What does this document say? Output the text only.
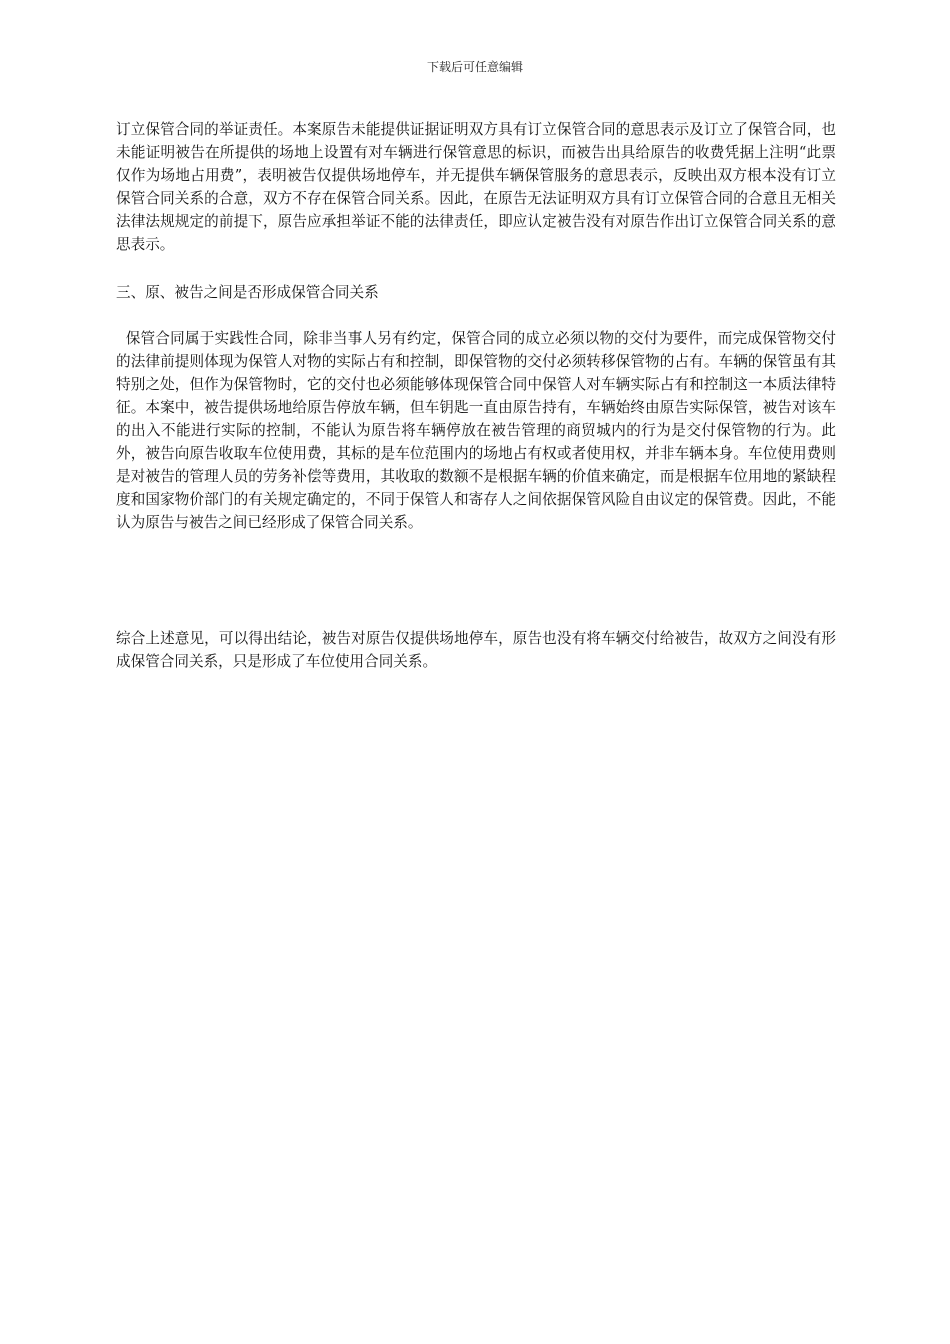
下载后可任意编辑

订立保管合同的举证责任。本案原告未能提供证据证明双方具有订立保管合同的意思表示及订立了保管合同，也未能证明被告在所提供的场地上设置有对车辆进行保管意思的标识，而被告出具给原告的收费凭据上注明“此票仅作为场地占用费”，表明被告仅提供场地停车，并无提供车辆保管服务的意思表示，反映出双方根本没有订立保管合同关系的合意，双方不存在保管合同关系。因此，在原告无法证明双方具有订立保管合同的合意且无相关法律法规规定的前提下，原告应承担举证不能的法律责任，即应认定被告没有对原告作出订立保管合同关系的意思表示。

三、原、被告之间是否形成保管合同关系

保管合同属于实践性合同，除非当事人另有约定，保管合同的成立必须以物的交付为要件，而完成保管物交付的法律前提则体现为保管人对物的实际占有和控制，即保管物的交付必须转移保管物的占有。车辆的保管虽有其特别之处，但作为保管物时，它的交付也必须能够体现保管合同中保管人对车辆实际占有和控制这一本质法律特征。本案中，被告提供场地给原告停放车辆，但车钥匙一直由原告持有，车辆始终由原告实际保管，被告对该车的出入不能进行实际的控制，不能认为原告将车辆停放在被告管理的商贸城内的行为是交付保管物的行为。此外，被告向原告收取车位使用费，其标的是车位范围内的场地占有权或者使用权，并非车辆本身。车位使用费则是对被告的管理人员的劳务补偿等费用，其收取的数额不是根据车辆的价值来确定，而是根据车位用地的紧缺程度和国家物价部门的有关规定确定的，不同于保管人和寄存人之间依据保管风险自由议定的保管费。因此，不能认为原告与被告之间已经形成了保管合同关系。

综合上述意见，可以得出结论，被告对原告仅提供场地停车，原告也没有将车辆交付给被告，故双方之间没有形成保管合同关系，只是形成了车位使用合同关系。
